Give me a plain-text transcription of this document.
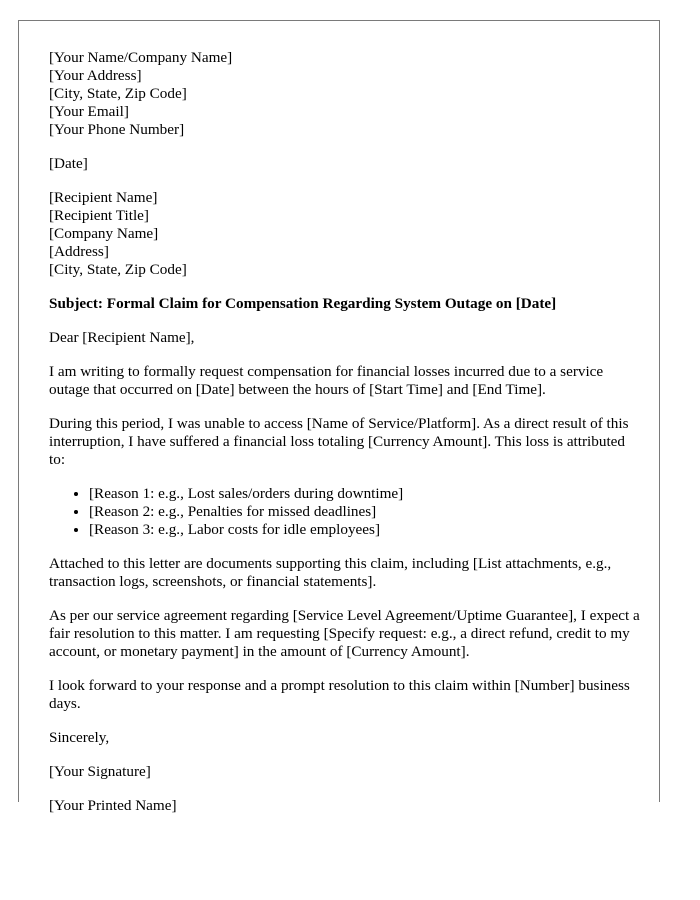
[Your Name/Company Name]
[Your Address]
[City, State, Zip Code]
[Your Email]
[Your Phone Number]
[Date]
[Recipient Name]
[Recipient Title]
[Company Name]
[Address]
[City, State, Zip Code]

Subject: Formal Claim for Compensation Regarding System Outage on [Date]

Dear [Recipient Name],

I am writing to formally request compensation for financial losses incurred due to a service outage that occurred on [Date] between the hours of [Start Time] and [End Time].

During this period, I was unable to access [Name of Service/Platform]. As a direct result of this interruption, I have suffered a financial loss totaling [Currency Amount]. This loss is attributed to:

• [Reason 1: e.g., Lost sales/orders during downtime]
• [Reason 2: e.g., Penalties for missed deadlines]
• [Reason 3: e.g., Labor costs for idle employees]

Attached to this letter are documents supporting this claim, including [List attachments, e.g., transaction logs, screenshots, or financial statements].

As per our service agreement regarding [Service Level Agreement/Uptime Guarantee], I expect a fair resolution to this matter. I am requesting [Specify request: e.g., a direct refund, credit to my account, or monetary payment] in the amount of [Currency Amount].

I look forward to your response and a prompt resolution to this claim within [Number] business days.

Sincerely,

[Your Signature]

[Your Printed Name]
